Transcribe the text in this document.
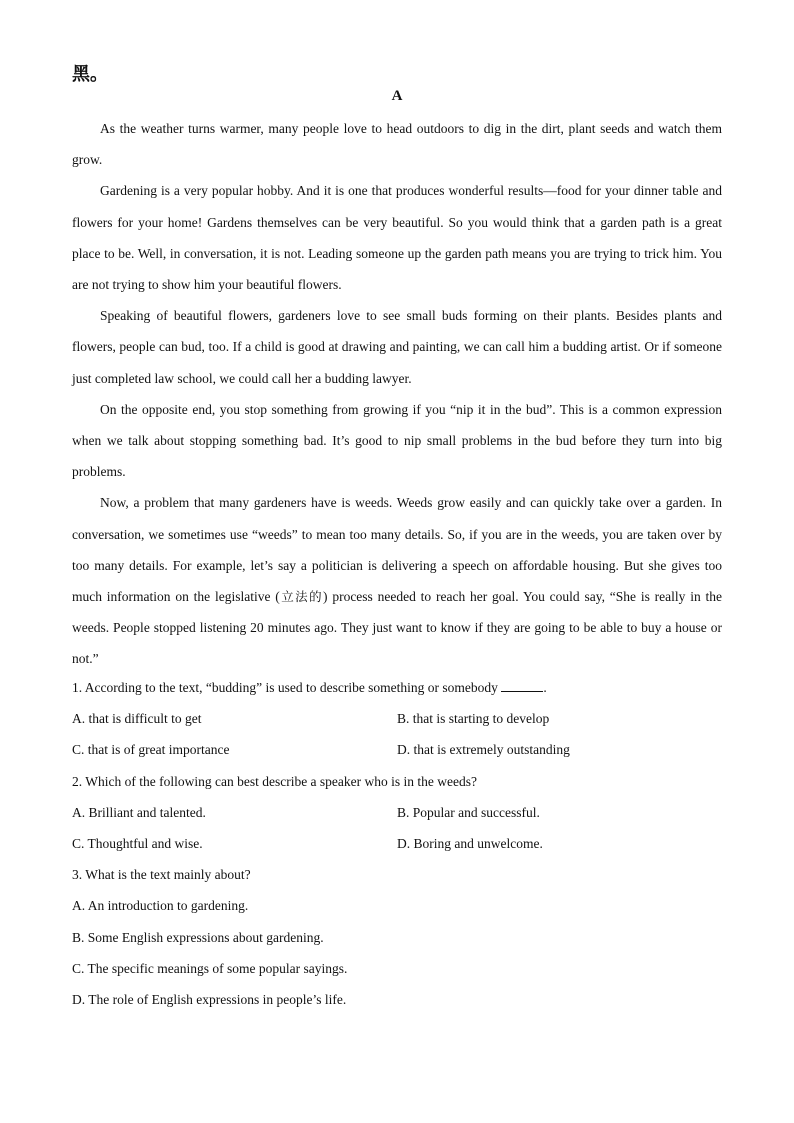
黑。
A

As the weather turns warmer, many people love to head outdoors to dig in the dirt, plant seeds and watch them grow.

Gardening is a very popular hobby. And it is one that produces wonderful results—food for your dinner table and flowers for your home! Gardens themselves can be very beautiful. So you would think that a garden path is a great place to be. Well, in conversation, it is not. Leading someone up the garden path means you are trying to trick him. You are not trying to show him your beautiful flowers.

Speaking of beautiful flowers, gardeners love to see small buds forming on their plants. Besides plants and flowers, people can bud, too. If a child is good at drawing and painting, we can call him a budding artist. Or if someone just completed law school, we could call her a budding lawyer.

On the opposite end, you stop something from growing if you “nip it in the bud”. This is a common expression when we talk about stopping something bad. It’s good to nip small problems in the bud before they turn into big problems.

Now, a problem that many gardeners have is weeds. Weeds grow easily and can quickly take over a garden. In conversation, we sometimes use “weeds” to mean too many details. So, if you are in the weeds, you are taken over by too many details. For example, let’s say a politician is delivering a speech on affordable housing. But she gives too much information on the legislative (立法的) process needed to reach her goal. You could say, “She is really in the weeds. People stopped listening 20 minutes ago. They just want to know if they are going to be able to buy a house or not.”

1. According to the text, “budding” is used to describe something or somebody	.
A. that is difficult to get	B. that is starting to develop
C. that is of great importance	D. that is extremely outstanding
2. Which of the following can best describe a speaker who is in the weeds?
A. Brilliant and talented.	B. Popular and successful.
C. Thoughtful and wise.	D. Boring and unwelcome.
3. What is the text mainly about?
A. An introduction to gardening.
B. Some English expressions about gardening.
C. The specific meanings of some popular sayings.
D. The role of English expressions in people’s life.
